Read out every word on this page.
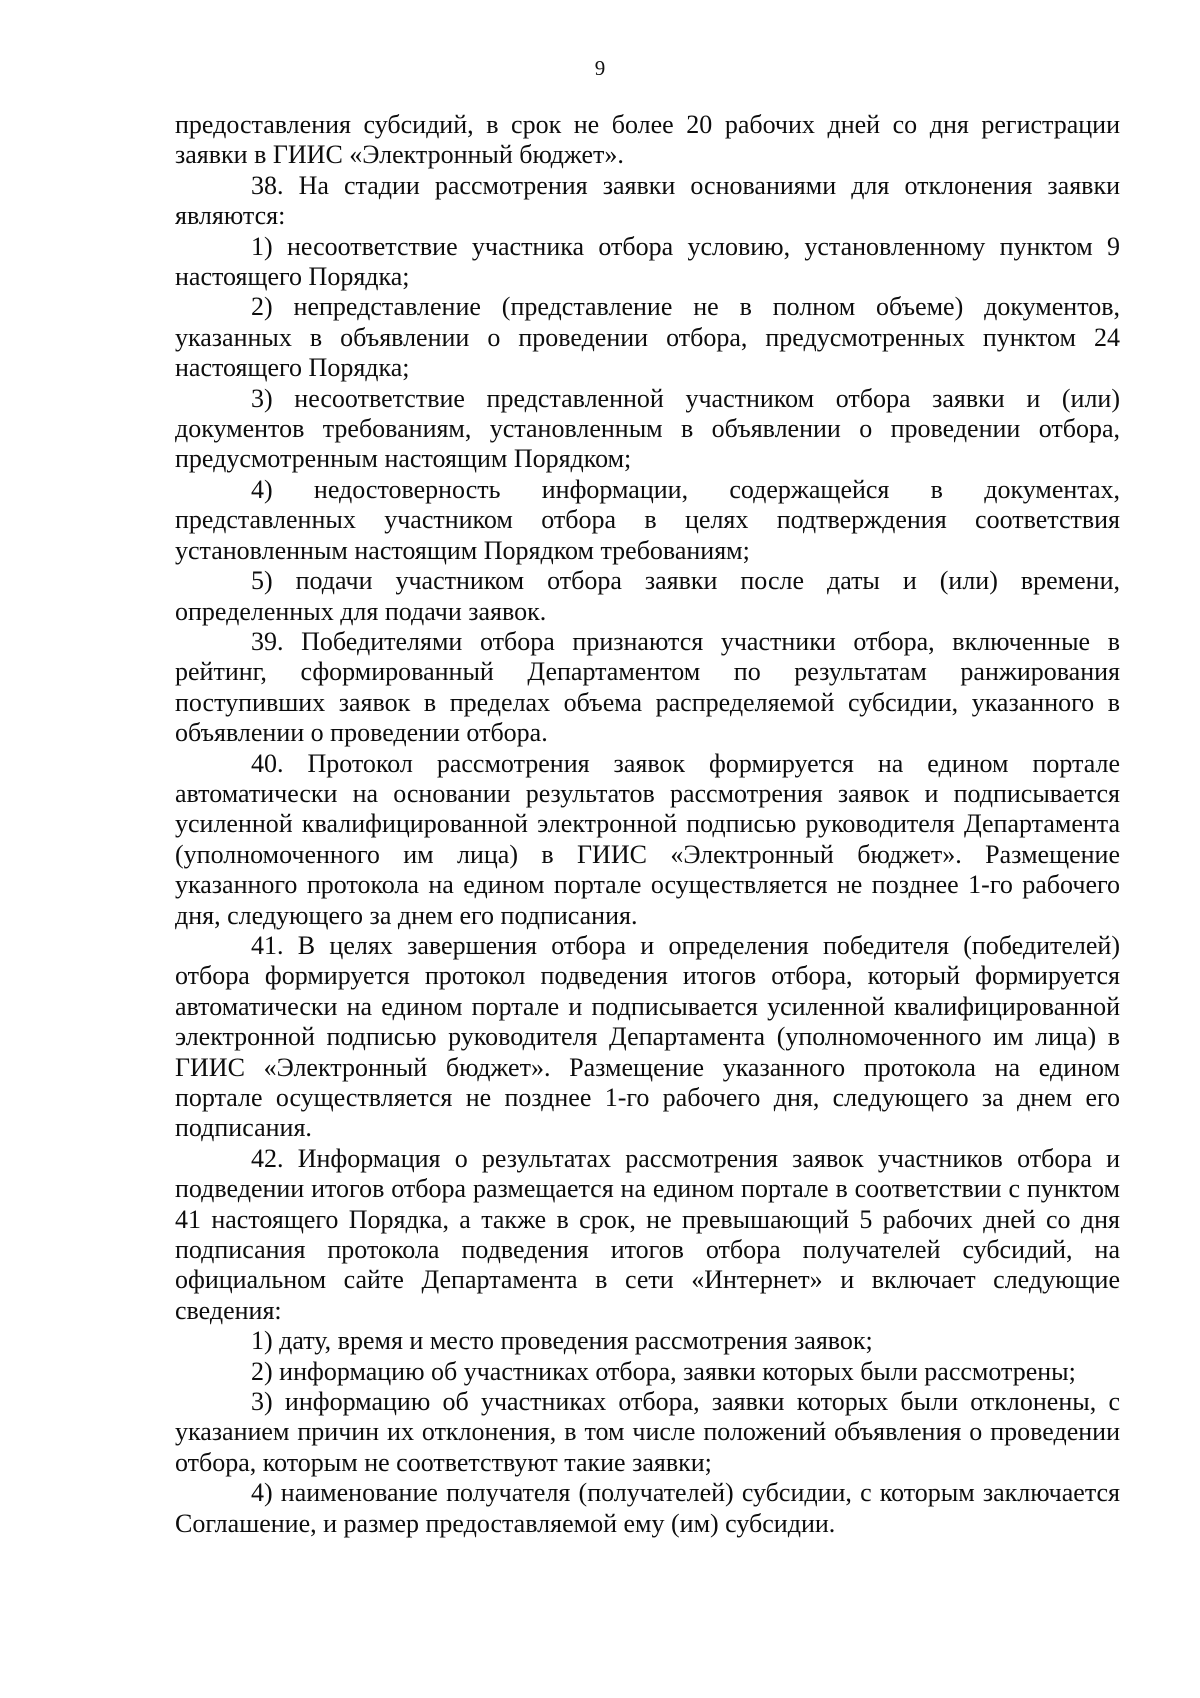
9

предоставления субсидий, в срок не более 20 рабочих дней со дня регистрации заявки в ГИИС «Электронный бюджет».

38. На стадии рассмотрения заявки основаниями для отклонения заявки являются:

1) несоответствие участника отбора условию, установленному пунктом 9 настоящего Порядка;

2) непредставление (представление не в полном объеме) документов, указанных в объявлении о проведении отбора, предусмотренных пунктом 24 настоящего Порядка;

3) несоответствие представленной участником отбора заявки и (или) документов требованиям, установленным в объявлении о проведении отбора, предусмотренным настоящим Порядком;

4) недостоверность информации, содержащейся в документах, представленных участником отбора в целях подтверждения соответствия установленным настоящим Порядком требованиям;

5) подачи участником отбора заявки после даты и (или) времени, определенных для подачи заявок.

39. Победителями отбора признаются участники отбора, включенные в рейтинг, сформированный Департаментом по результатам ранжирования поступивших заявок в пределах объема распределяемой субсидии, указанного в объявлении о проведении отбора.

40. Протокол рассмотрения заявок формируется на едином портале автоматически на основании результатов рассмотрения заявок и подписывается усиленной квалифицированной электронной подписью руководителя Департамента (уполномоченного им лица) в ГИИС «Электронный бюджет». Размещение указанного протокола на едином портале осуществляется не позднее 1-го рабочего дня, следующего за днем его подписания.

41. В целях завершения отбора и определения победителя (победителей) отбора формируется протокол подведения итогов отбора, который формируется автоматически на едином портале и подписывается усиленной квалифицированной электронной подписью руководителя Департамента (уполномоченного им лица) в ГИИС «Электронный бюджет». Размещение указанного протокола на едином портале осуществляется не позднее 1-го рабочего дня, следующего за днем его подписания.

42. Информация о результатах рассмотрения заявок участников отбора и подведении итогов отбора размещается на едином портале в соответствии с пунктом 41 настоящего Порядка, а также в срок, не превышающий 5 рабочих дней со дня подписания протокола подведения итогов отбора получателей субсидий, на официальном сайте Департамента в сети «Интернет» и включает следующие сведения:

1) дату, время и место проведения рассмотрения заявок;

2) информацию об участниках отбора, заявки которых были рассмотрены;

3) информацию об участниках отбора, заявки которых были отклонены, с указанием причин их отклонения, в том числе положений объявления о проведении отбора, которым не соответствуют такие заявки;

4) наименование получателя (получателей) субсидии, с которым заключается Соглашение, и размер предоставляемой ему (им) субсидии.
